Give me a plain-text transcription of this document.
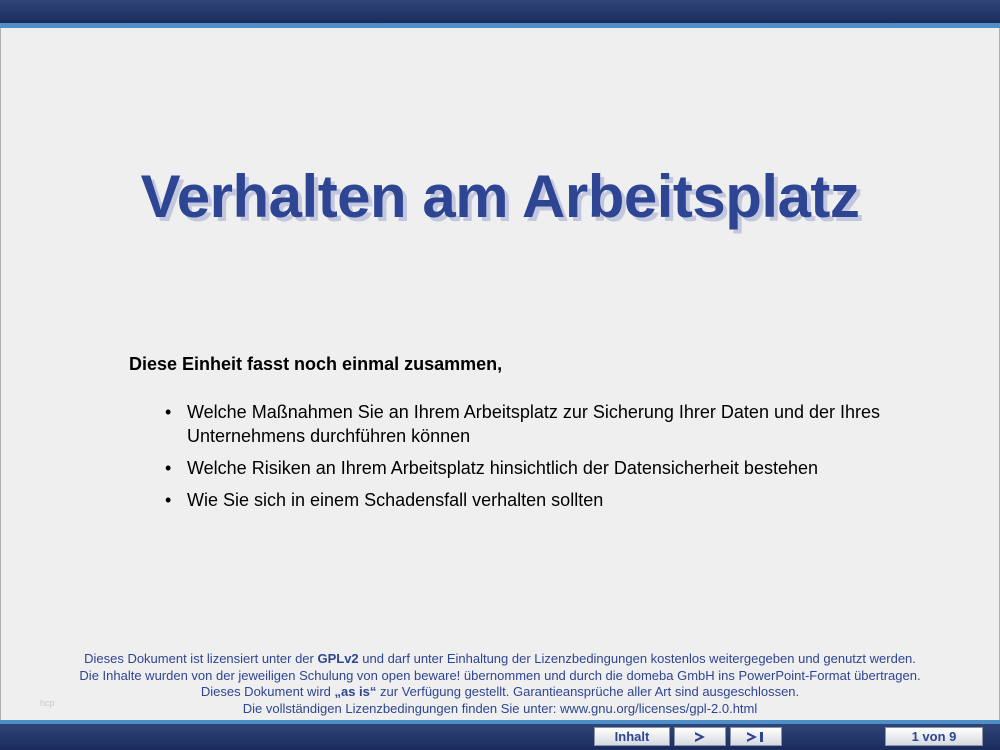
Verhalten am Arbeitsplatz
Diese Einheit fasst noch einmal zusammen,
• Welche Maßnahmen Sie an Ihrem Arbeitsplatz zur Sicherung Ihrer Daten und der Ihres Unternehmens durchführen können
• Welche Risiken an Ihrem Arbeitsplatz hinsichtlich der Datensicherheit bestehen
• Wie Sie sich in einem Schadensfall verhalten sollten
Dieses Dokument ist lizensiert unter der GPLv2 und darf unter Einhaltung der Lizenzbedingungen kostenlos weitergegeben und genutzt werden.
Die Inhalte wurden von der jeweiligen Schulung von open beware! übernommen und durch die domeba GmbH ins PowerPoint-Format übertragen.
Dieses Dokument wird „as is“ zur Verfügung gestellt. Garantieansprüche aller Art sind ausgeschlossen.
Die vollständigen Lizenzbedingungen finden Sie unter: www.gnu.org/licenses/gpl-2.0.html
hcp
Inhalt	1 von 9
